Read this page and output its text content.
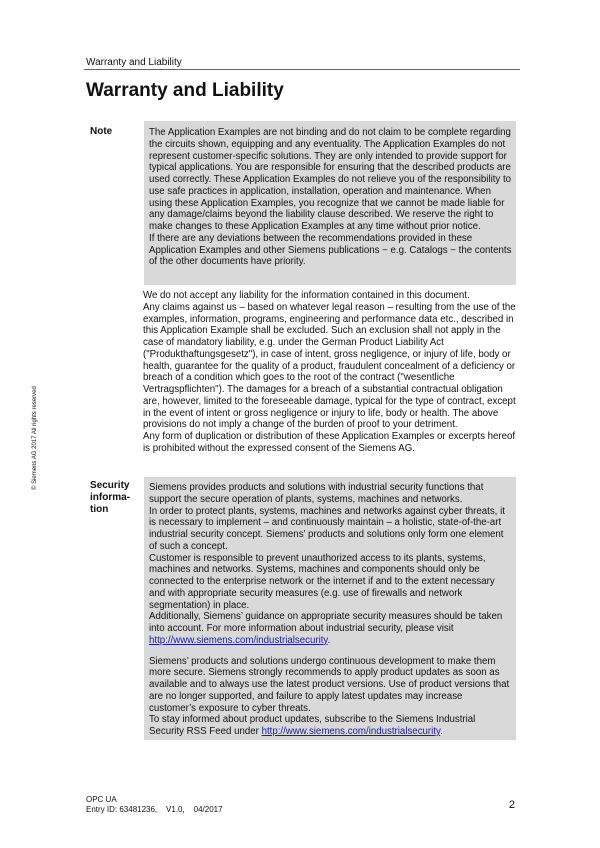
Warranty and Liability
Warranty and Liability
© Siemens AG 2017 All rights reserved
Note	The Application Examples are not binding and do not claim to be complete regarding the circuits shown, equipping and any eventuality. The Application Examples do not represent customer-specific solutions. They are only intended to provide support for typical applications. You are responsible for ensuring that the described products are used correctly. These Application Examples do not relieve you of the responsibility to use safe practices in application, installation, operation and maintenance. When using these Application Examples, you recognize that we cannot be made liable for any damage/claims beyond the liability clause described. We reserve the right to make changes to these Application Examples at any time without prior notice.

If there are any deviations between the recommendations provided in these Application Examples and other Siemens publications − e.g. Catalogs − the contents of the other documents have priority.

We do not accept any liability for the information contained in this document.

Any claims against us – based on whatever legal reason – resulting from the use of the examples, information, programs, engineering and performance data etc., described in this Application Example shall be excluded. Such an exclusion shall not apply in the case of mandatory liability, e.g. under the German Product Liability Act ("Produkthaftungsgesetz"), in case of intent, gross negligence, or injury of life, body or health, guarantee for the quality of a product, fraudulent concealment of a deficiency or breach of a condition which goes to the root of the contract ("wesentliche Vertragspflichten"). The damages for a breach of a substantial contractual obligation are, however, limited to the foreseeable damage, typical for the type of contract, except in the event of intent or gross negligence or injury to life, body or health. The above provisions do not imply a change of the burden of proof to your detriment.

Any form of duplication or distribution of these Application Examples or excerpts hereof is prohibited without the expressed consent of the Siemens AG.

Security
informa-
tion

Siemens provides products and solutions with industrial security functions that support the secure operation of plants, systems, machines and networks.

In order to protect plants, systems, machines and networks against cyber threats, it is necessary to implement – and continuously maintain – a holistic, state-of-the-art industrial security concept. Siemens’ products and solutions only form one element of such a concept.

Customer is responsible to prevent unauthorized access to its plants, systems, machines and networks. Systems, machines and components should only be connected to the enterprise network or the internet if and to the extent necessary and with appropriate security measures (e.g. use of firewalls and network segmentation) in place.

Additionally, Siemens’ guidance on appropriate security measures should be taken into account. For more information about industrial security, please visit http://www.siemens.com/industrialsecurity.

Siemens’ products and solutions undergo continuous development to make them more secure. Siemens strongly recommends to apply product updates as soon as available and to always use the latest product versions. Use of product versions that are no longer supported, and failure to apply latest updates may increase customer’s exposure to cyber threats.

To stay informed about product updates, subscribe to the Siemens Industrial Security RSS Feed under http://www.siemens.com/industrialsecurity.

OPC UA
Entry ID: 63481236,    V1.0,    04/2017	2
